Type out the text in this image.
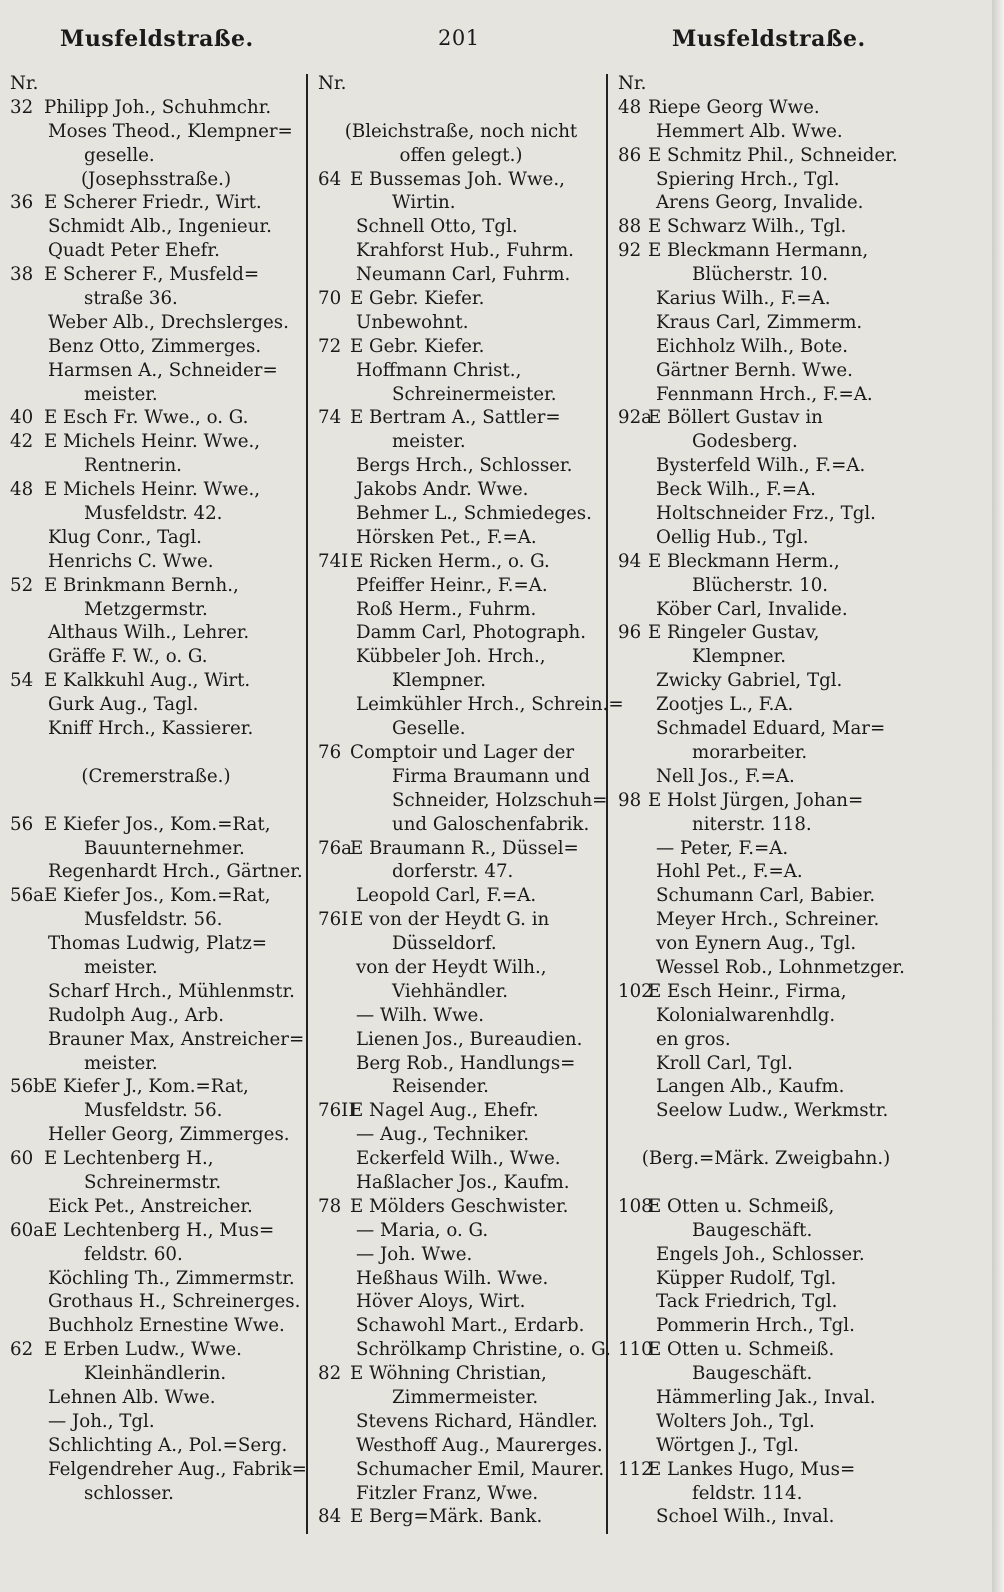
Musfeldstraße.	201	Musfeldstraße.
Nr.
32 Philipp Joh., Schuhmchr.
Moses Theod., Klempner=
geselle.
(Josephsstraße.)
36 E Scherer Friedr., Wirt.
Schmidt Alb., Ingenieur.
Quadt Peter Ehefr.
38 E Scherer F., Musfeld=
straße 36.
Weber Alb., Drechslerges.
Benz Otto, Zimmerges.
Harmsen A., Schneider=
meister.
40 E Esch Fr. Wwe., o. G.
42 E Michels Heinr. Wwe.,
Rentnerin.
48 E Michels Heinr. Wwe.,
Musfeldstr. 42.
Klug Conr., Tagl.
Henrichs C. Wwe.
52 E Brinkmann Bernh.,
Metzgermstr.
Althaus Wilh., Lehrer.
Gräffe F. W., o. G.
54 E Kalkkuhl Aug., Wirt.
Gurk Aug., Tagl.
Kniff Hrch., Kassierer.
(Cremerstraße.)
56 E Kiefer Jos., Kom.=Rat,
Bauunternehmer.
Regenhardt Hrch., Gärtner.
56aE Kiefer Jos., Kom.=Rat,
Musfeldstr. 56.
Thomas Ludwig, Platz=
meister.
Scharf Hrch., Mühlenmstr.
Rudolph Aug., Arb.
Brauner Max, Anstreicher=
meister.
56bE Kiefer J., Kom.=Rat,
Musfeldstr. 56.
Heller Georg, Zimmerges.
60 E Lechtenberg H.,
Schreinermstr.
Eick Pet., Anstreicher.
60aE Lechtenberg H., Mus=
feldstr. 60.
Köchling Th., Zimmermstr.
Grothaus H., Schreinerges.
Buchholz Ernestine Wwe.
62 E Erben Ludw., Wwe.
Kleinhändlerin.
Lehnen Alb. Wwe.
— Joh., Tgl.
Schlichting A., Pol.=Serg.
Felgendreher Aug., Fabrik=
schlosser.
Nr.
(Bleichstraße, noch nicht
offen gelegt.)
64 E Bussemas Joh. Wwe.,
Wirtin.
Schnell Otto, Tgl.
Krahforst Hub., Fuhrm.
Neumann Carl, Fuhrm.
70 E Gebr. Kiefer.
Unbewohnt.
72 E Gebr. Kiefer.
Hoffmann Christ.,
Schreinermeister.
74 E Bertram A., Sattler=
meister.
Bergs Hrch., Schlosser.
Jakobs Andr. Wwe.
Behmer L., Schmiedeges.
Hörsken Pet., F.=A.
74IE Ricken Herm., o. G.
Pfeiffer Heinr., F.=A.
Roß Herm., Fuhrm.
Damm Carl, Photograph.
Kübbeler Joh. Hrch.,
Klempner.
Leimkühler Hrch., Schrein.=
Geselle.
76 Comptoir und Lager der
Firma Braumann und
Schneider, Holzschuh=
und Galoschenfabrik.
76aE Braumann R., Düssel=
dorferstr. 47.
Leopold Carl, F.=A.
76IE von der Heydt G. in
Düsseldorf.
von der Heydt Wilh.,
Viehhändler.
— Wilh. Wwe.
Lienen Jos., Bureaudien.
Berg Rob., Handlungs=
Reisender.
76IIE Nagel Aug., Ehefr.
— Aug., Techniker.
Eckerfeld Wilh., Wwe.
Haßlacher Jos., Kaufm.
78 E Mölders Geschwister.
— Maria, o. G.
— Joh. Wwe.
Heßhaus Wilh. Wwe.
Höver Aloys, Wirt.
Schawohl Mart., Erdarb.
Schrölkamp Christine, o. G.
82 E Wöhning Christian,
Zimmermeister.
Stevens Richard, Händler.
Westhoff Aug., Maurerges.
Schumacher Emil, Maurer.
Fitzler Franz, Wwe.
84 E Berg=Märk. Bank.
Nr.
48 Riepe Georg Wwe.
Hemmert Alb. Wwe.
86 E Schmitz Phil., Schneider.
Spiering Hrch., Tgl.
Arens Georg, Invalide.
88 E Schwarz Wilh., Tgl.
92 E Bleckmann Hermann,
Blücherstr. 10.
Karius Wilh., F.=A.
Kraus Carl, Zimmerm.
Eichholz Wilh., Bote.
Gärtner Bernh. Wwe.
Fennmann Hrch., F.=A.
92aE Böllert Gustav in
Godesberg.
Bysterfeld Wilh., F.=A.
Beck Wilh., F.=A.
Holtschneider Frz., Tgl.
Oellig Hub., Tgl.
94 E Bleckmann Herm.,
Blücherstr. 10.
Köber Carl, Invalide.
96 E Ringeler Gustav,
Klempner.
Zwicky Gabriel, Tgl.
Zootjes L., F.A.
Schmadel Eduard, Mar=
morarbeiter.
Nell Jos., F.=A.
98 E Holst Jürgen, Johan=
niterstr. 118.
— Peter, F.=A.
Hohl Pet., F.=A.
Schumann Carl, Babier.
Meyer Hrch., Schreiner.
von Eynern Aug., Tgl.
Wessel Rob., Lohnmetzger.
102E Esch Heinr., Firma,
Kolonialwarenhdlg.
en gros.
Kroll Carl, Tgl.
Langen Alb., Kaufm.
Seelow Ludw., Werkmstr.
(Berg.=Märk. Zweigbahn.)
108E Otten u. Schmeiß,
Baugeschäft.
Engels Joh., Schlosser.
Küpper Rudolf, Tgl.
Tack Friedrich, Tgl.
Pommerin Hrch., Tgl.
110E Otten u. Schmeiß.
Baugeschäft.
Hämmerling Jak., Inval.
Wolters Joh., Tgl.
Wörtgen J., Tgl.
112E Lankes Hugo, Mus=
feldstr. 114.
Schoel Wilh., Inval.
